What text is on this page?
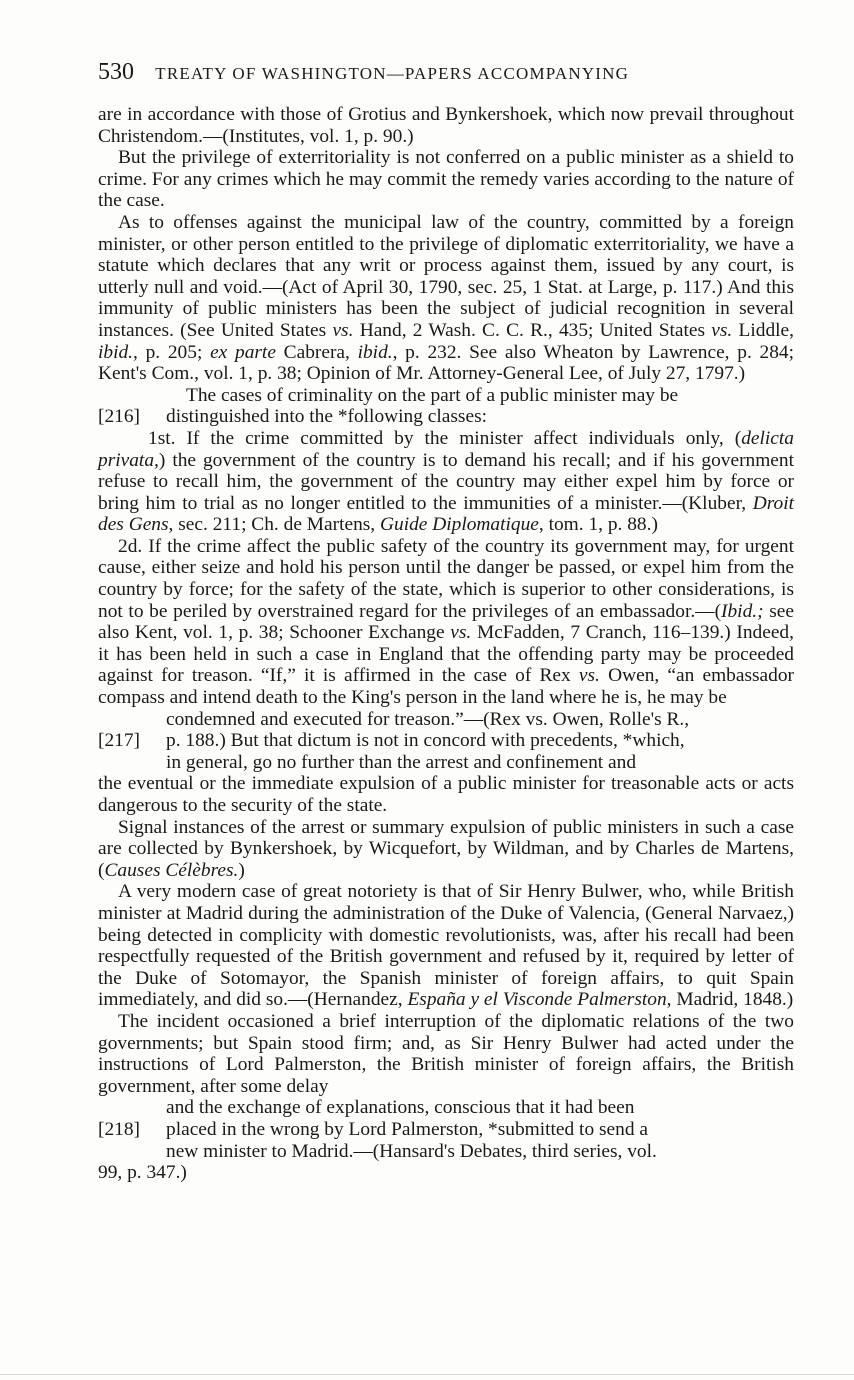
530 TREATY OF WASHINGTON—PAPERS ACCOMPANYING

are in accordance with those of Grotius and Bynkershoek, which now prevail throughout Christendom.—(Institutes, vol. 1, p. 90.)

But the privilege of exterritoriality is not conferred on a public minister as a shield to crime. For any crimes which he may commit the remedy varies according to the nature of the case.

As to offenses against the municipal law of the country, committed by a foreign minister, or other person entitled to the privilege of diplomatic exterritoriality, we have a statute which declares that any writ or process against them, issued by any court, is utterly null and void.—(Act of April 30, 1790, sec. 25, 1 Stat. at Large, p. 117.) And this immunity of public ministers has been the subject of judicial recognition in several instances. (See United States vs. Hand, 2 Wash. C. C. R., 435; United States vs. Liddle, ibid., p. 205; ex parte Cabrera, ibid., p. 232. See also Wheaton by Lawrence, p. 284; Kent's Com., vol. 1, p. 38; Opinion of Mr. Attorney-General Lee, of July 27, 1797.)

The cases of criminality on the part of a public minister may be

[216] distinguished into the *following classes:

1st. If the crime committed by the minister affect individuals only, (delicta privata,) the government of the country is to demand his recall; and if his government refuse to recall him, the government of the country may either expel him by force or bring him to trial as no longer entitled to the immunities of a minister.—(Kluber, Droit des Gens, sec. 211; Ch. de Martens, Guide Diplomatique, tom. 1, p. 88.)

2d. If the crime affect the public safety of the country its government may, for urgent cause, either seize and hold his person until the danger be passed, or expel him from the country by force; for the safety of the state, which is superior to other considerations, is not to be periled by overstrained regard for the privileges of an embassador.—(Ibid.; see also Kent, vol. 1, p. 38; Schooner Exchange vs. McFadden, 7 Cranch, 116–139.) Indeed, it has been held in such a case in England that the offending party may be proceeded against for treason. “If,” it is affirmed in the case of Rex vs. Owen, “an embassador compass and intend death to the King's person in the land where he is, he may be

condemned and executed for treason.”—(Rex vs. Owen, Rolle's R.,

[217] p. 188.) But that dictum is not in concord with precedents, *which,

in general, go no further than the arrest and confinement and

the eventual or the immediate expulsion of a public minister for treasonable acts or acts dangerous to the security of the state.

Signal instances of the arrest or summary expulsion of public ministers in such a case are collected by Bynkershoek, by Wicquefort, by Wildman, and by Charles de Martens, (Causes Célèbres.)

A very modern case of great notoriety is that of Sir Henry Bulwer, who, while British minister at Madrid during the administration of the Duke of Valencia, (General Narvaez,) being detected in complicity with domestic revolutionists, was, after his recall had been respectfully requested of the British government and refused by it, required by letter of the Duke of Sotomayor, the Spanish minister of foreign affairs, to quit Spain immediately, and did so.—(Hernandez, España y el Visconde Palmerston, Madrid, 1848.)

The incident occasioned a brief interruption of the diplomatic relations of the two governments; but Spain stood firm; and, as Sir Henry Bulwer had acted under the instructions of Lord Palmerston, the British minister of foreign affairs, the British government, after some delay

and the exchange of explanations, conscious that it had been

[218] placed in the wrong by Lord Palmerston, *submitted to send a

new minister to Madrid.—(Hansard's Debates, third series, vol.

99, p. 347.)
